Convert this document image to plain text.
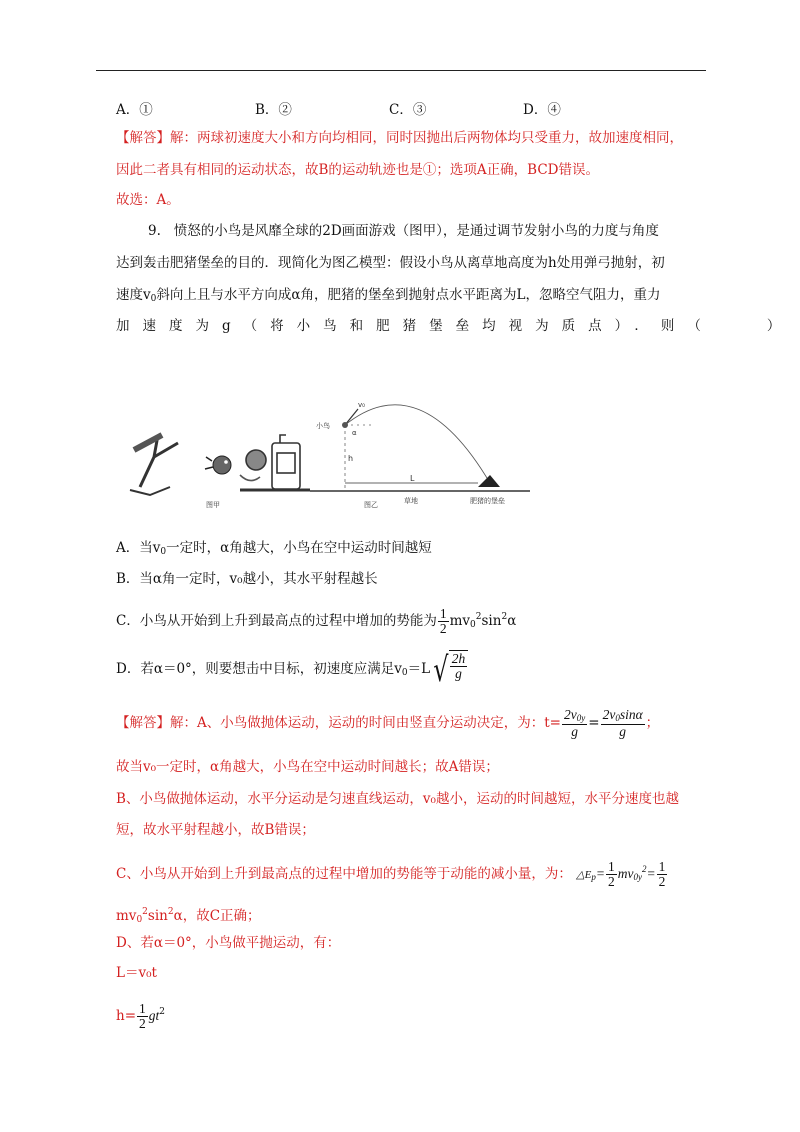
A．①	B．②	C．③	D．④
【解答】解：两球初速度大小和方向均相同，同时因抛出后两物体均只受重力，故加速度相同，
因此二者具有相同的运动状态，故B的运动轨迹也是①；选项A正确，BCD错误。
故选：A。
9. 愤怒的小鸟是风靡全球的2D画面游戏（图甲），是通过调节发射小鸟的力度与角度
达到轰击肥猪堡垒的目的．现简化为图乙模型：假设小鸟从离草地高度为h处用弹弓抛射，初
速度$v_0$斜向上且与水平方向成α角，肥猪的堡垒到抛射点水平距离为L，忽略空气阻力，重力
加速度为g（将小鸟和肥猪堡垒均视为质点）．则（　　）
图甲
小鸟
v₀
α
h
L
草地	肥猪的堡垒
图乙
A．当$v_0$一定时，α角越大，小鸟在空中运动时间越短
B．当α角一定时，v₀越小，其水平射程越长
C．小鸟从开始到上升到最高点的过程中增加的势能为 $\frac{1}{2} mv_0^2\sin^2\alpha$
D．若α＝0°，则要想击中目标，初速度应满足$v_0=L$ √ $\frac{2h}{g}$
【解答】解：A、小鸟做抛体运动，运动的时间由竖直分运动决定，为：$t= \frac{2v_{0y}}{g} = \frac{2v_0\sin\alpha}{g}$ ；
故当v₀一定时，α角越大，小鸟在空中运动时间越长；故A错误；
B、小鸟做抛体运动，水平分运动是匀速直线运动，v₀越小，运动的时间越短，水平分速度也越
短，故水平射程越小，故B错误；
C、小鸟从开始到上升到最高点的过程中增加的势能等于动能的减小量，为： $\triangle E_p= \frac{1}{2} mv_{0y}^2= \frac{1}{2}$
$mv_0^2\sin^2\alpha$，故C正确；
D、若α＝0°，小鸟做平抛运动，有：
L＝v₀t
$h= \frac{1}{2} gt^2$
